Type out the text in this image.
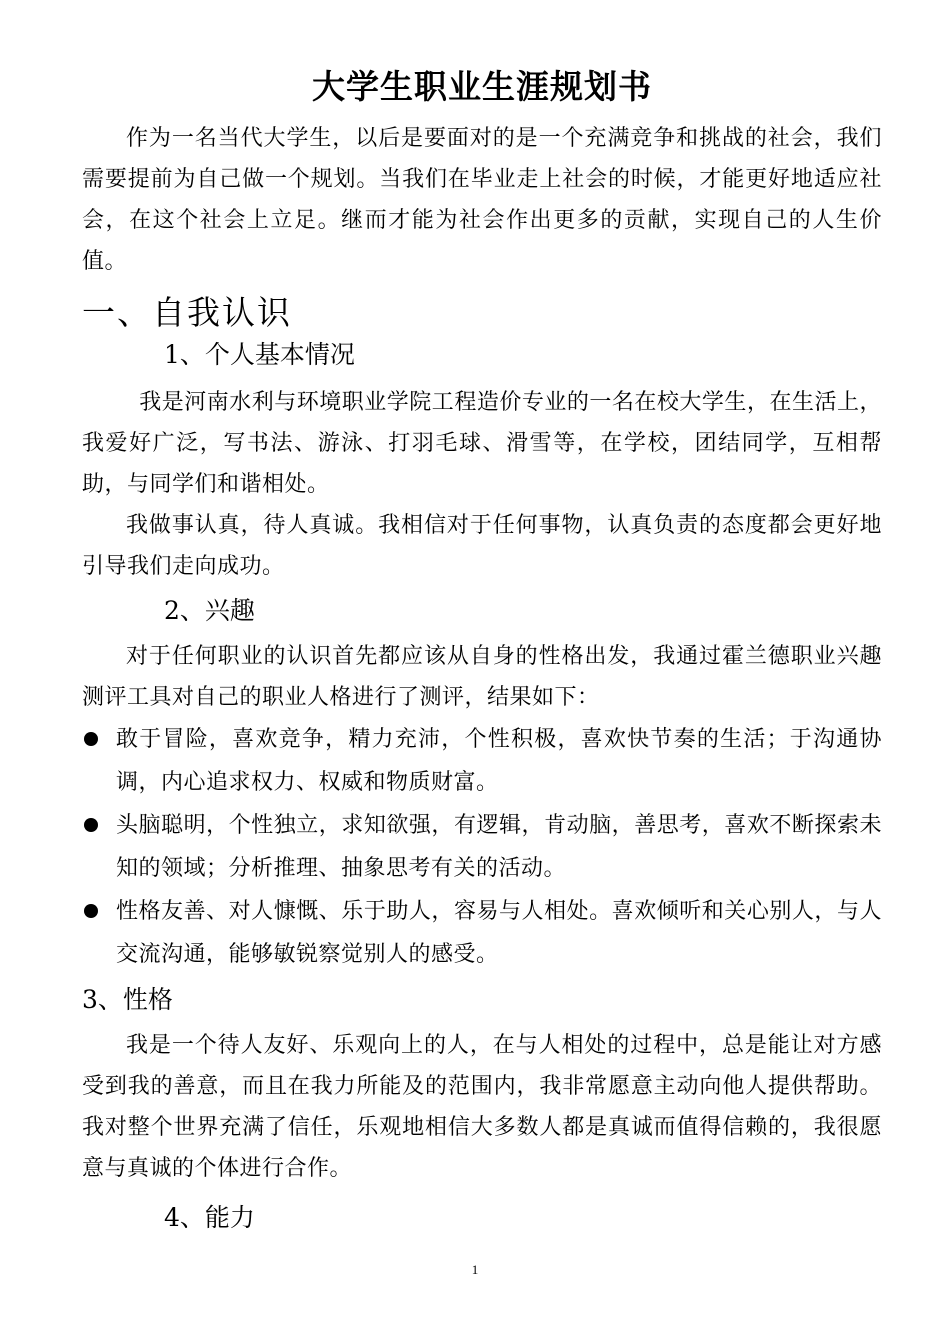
大学生职业生涯规划书

作为一名当代大学生，以后是要面对的是一个充满竞争和挑战的社会，我们需要提前为自己做一个规划。当我们在毕业走上社会的时候，才能更好地适应社会，在这个社会上立足。继而才能为社会作出更多的贡献，实现自己的人生价值。

一、自我认识
1、个人基本情况

我是河南水利与环境职业学院工程造价专业的一名在校大学生，在生活上，我爱好广泛，写书法、游泳、打羽毛球、滑雪等，在学校，团结同学，互相帮助，与同学们和谐相处。

我做事认真，待人真诚。我相信对于任何事物，认真负责的态度都会更好地引导我们走向成功。

2、兴趣

对于任何职业的认识首先都应该从自身的性格出发，我通过霍兰德职业兴趣测评工具对自己的职业人格进行了测评，结果如下：

敢于冒险，喜欢竞争，精力充沛，个性积极，喜欢快节奏的生活；于沟通协调，内心追求权力、权威和物质财富。
头脑聪明，个性独立，求知欲强，有逻辑，肯动脑，善思考，喜欢不断探索未知的领域；分析推理、抽象思考有关的活动。
性格友善、对人慷慨、乐于助人，容易与人相处。喜欢倾听和关心别人，与人交流沟通，能够敏锐察觉别人的感受。
3、性格

我是一个待人友好、乐观向上的人，在与人相处的过程中，总是能让对方感受到我的善意，而且在我力所能及的范围内，我非常愿意主动向他人提供帮助。我对整个世界充满了信任，乐观地相信大多数人都是真诚而值得信赖的，我很愿意与真诚的个体进行合作。

4、能力
1
